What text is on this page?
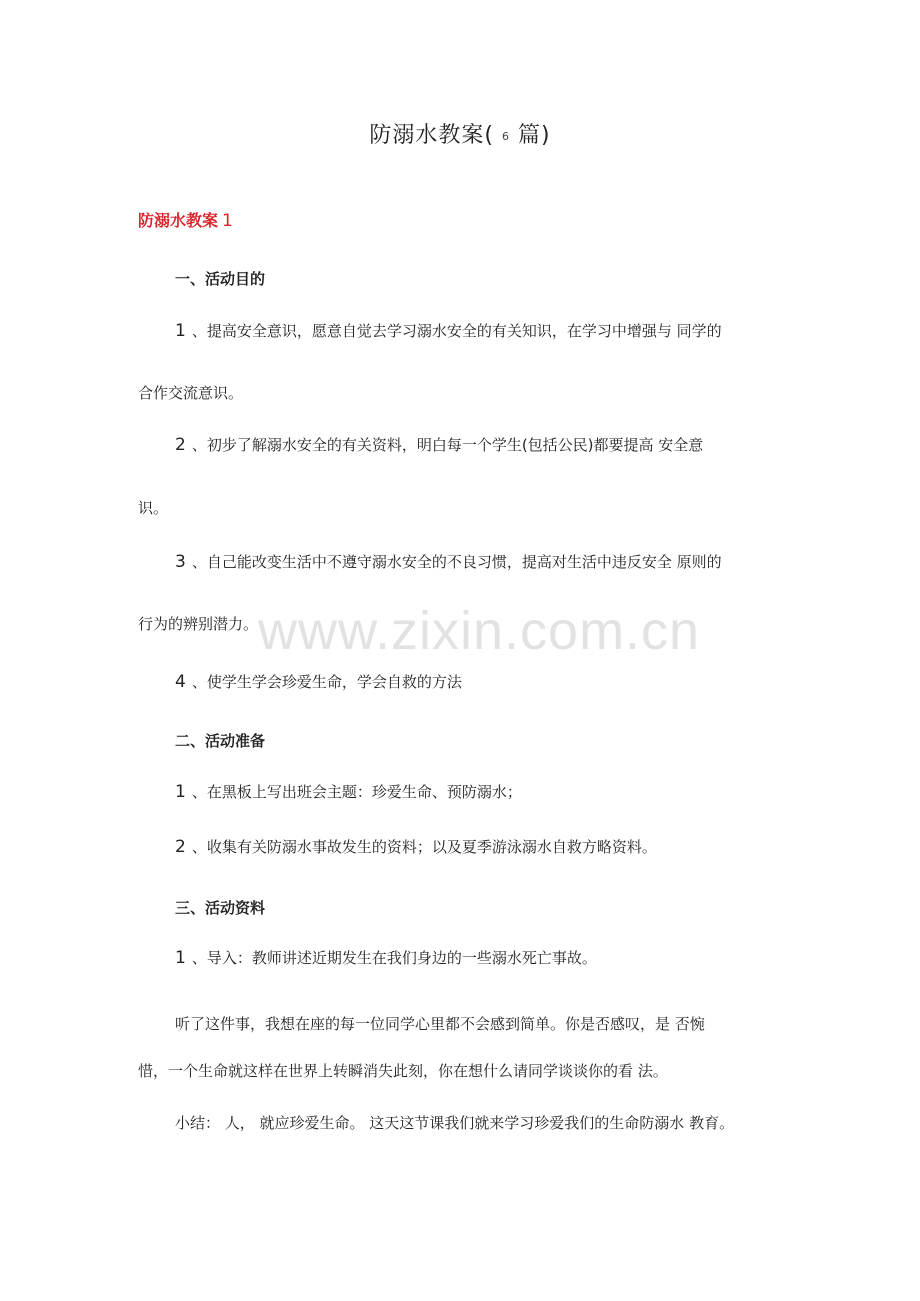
防溺水教案( 6 篇)
防溺水教案 1
一、活动目的
1 、提高安全意识，愿意自觉去学习溺水安全的有关知识，在学习中增强与 同学的
合作交流意识。
2 、初步了解溺水安全的有关资料，明白每一个学生(包括公民)都要提高 安全意
识。
3 、自己能改变生活中不遵守溺水安全的不良习惯，提高对生活中违反安全 原则的
行为的辨别潜力。
4 、使学生学会珍爱生命，学会自救的方法
二、活动准备
1 、在黑板上写出班会主题：珍爱生命、预防溺水；
2 、收集有关防溺水事故发生的资料；以及夏季游泳溺水自救方略资料。
三、活动资料
1 、导入：教师讲述近期发生在我们身边的一些溺水死亡事故。
听了这件事，我想在座的每一位同学心里都不会感到简单。你是否感叹，是 否惋
惜，一个生命就这样在世界上转瞬消失此刻，你在想什么请同学谈谈你的看 法。
小结： 人， 就应珍爱生命。 这天这节课我们就来学习珍爱我们的生命防溺水 教育。
www.zixin.com.cn
